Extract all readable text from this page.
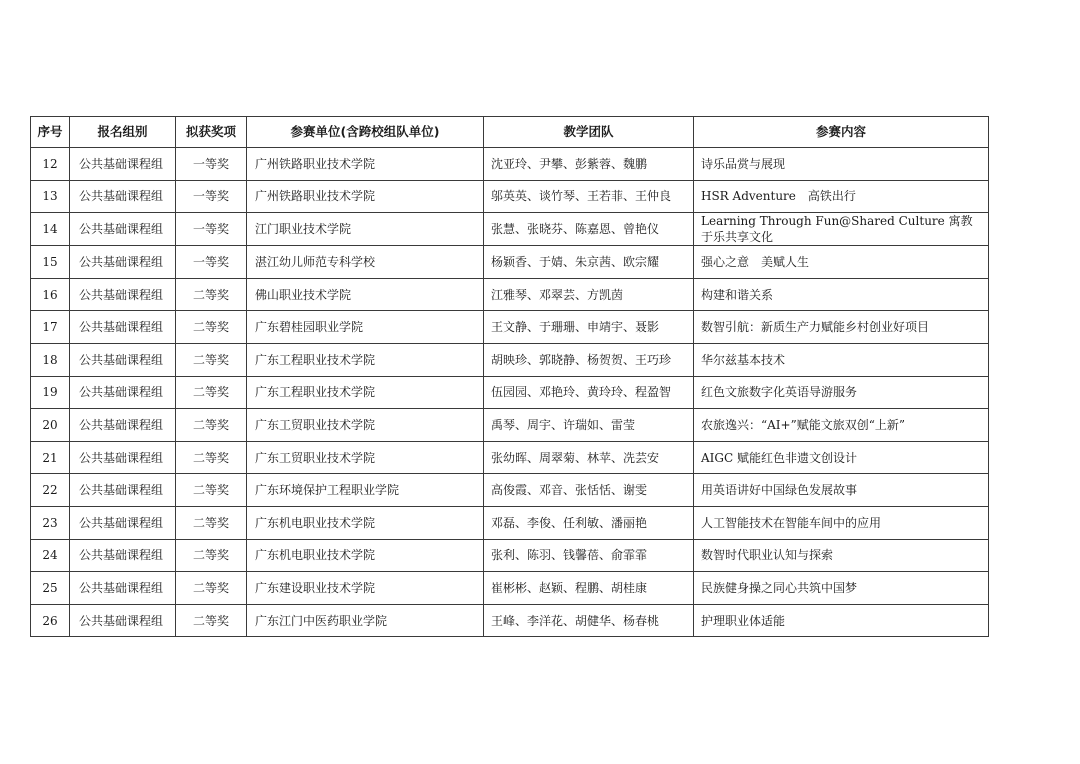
序号	报名组别	拟获奖项	参赛单位(含跨校组队单位)	教学团队	参赛内容
12	公共基础课程组	一等奖	广州铁路职业技术学院	沈亚玲、尹攀、彭紫蓉、魏鹏	诗乐品赏与展现
13	公共基础课程组	一等奖	广州铁路职业技术学院	邬英英、谈竹琴、王若菲、王仲良	HSR Adventure　高铁出行
14	公共基础课程组	一等奖	江门职业技术学院	张慧、张晓芬、陈嘉恩、曾艳仪	Learning Through Fun@Shared Culture 寓教于乐共享文化
15	公共基础课程组	一等奖	湛江幼儿师范专科学校	杨颖香、于婧、朱京茜、欧宗耀	强心之意　美赋人生
16	公共基础课程组	二等奖	佛山职业技术学院	江雅琴、邓翠芸、方凯茵	构建和谐关系
17	公共基础课程组	二等奖	广东碧桂园职业学院	王文静、于珊珊、申靖宇、聂影	数智引航：新质生产力赋能乡村创业好项目
18	公共基础课程组	二等奖	广东工程职业技术学院	胡映珍、郭晓静、杨贺贺、王巧珍	华尔兹基本技术
19	公共基础课程组	二等奖	广东工程职业技术学院	伍园园、邓艳玲、黄玲玲、程盈智	红色文旅数字化英语导游服务
20	公共基础课程组	二等奖	广东工贸职业技术学院	禹琴、周宇、许瑞如、雷莹	农旅逸兴：“AI+”赋能文旅双创“上新”
21	公共基础课程组	二等奖	广东工贸职业技术学院	张幼晖、周翠菊、林苹、冼芸安	AIGC 赋能红色非遗文创设计
22	公共基础课程组	二等奖	广东环境保护工程职业学院	高俊霞、邓音、张恬恬、谢雯	用英语讲好中国绿色发展故事
23	公共基础课程组	二等奖	广东机电职业技术学院	邓磊、李俊、任利敏、潘丽艳	人工智能技术在智能车间中的应用
24	公共基础课程组	二等奖	广东机电职业技术学院	张利、陈羽、钱馨蓓、俞霏霏	数智时代职业认知与探索
25	公共基础课程组	二等奖	广东建设职业技术学院	崔彬彬、赵颖、程鹏、胡桂康	民族健身操之同心共筑中国梦
26	公共基础课程组	二等奖	广东江门中医药职业学院	王峰、李洋花、胡健华、杨春桃	护理职业体适能
